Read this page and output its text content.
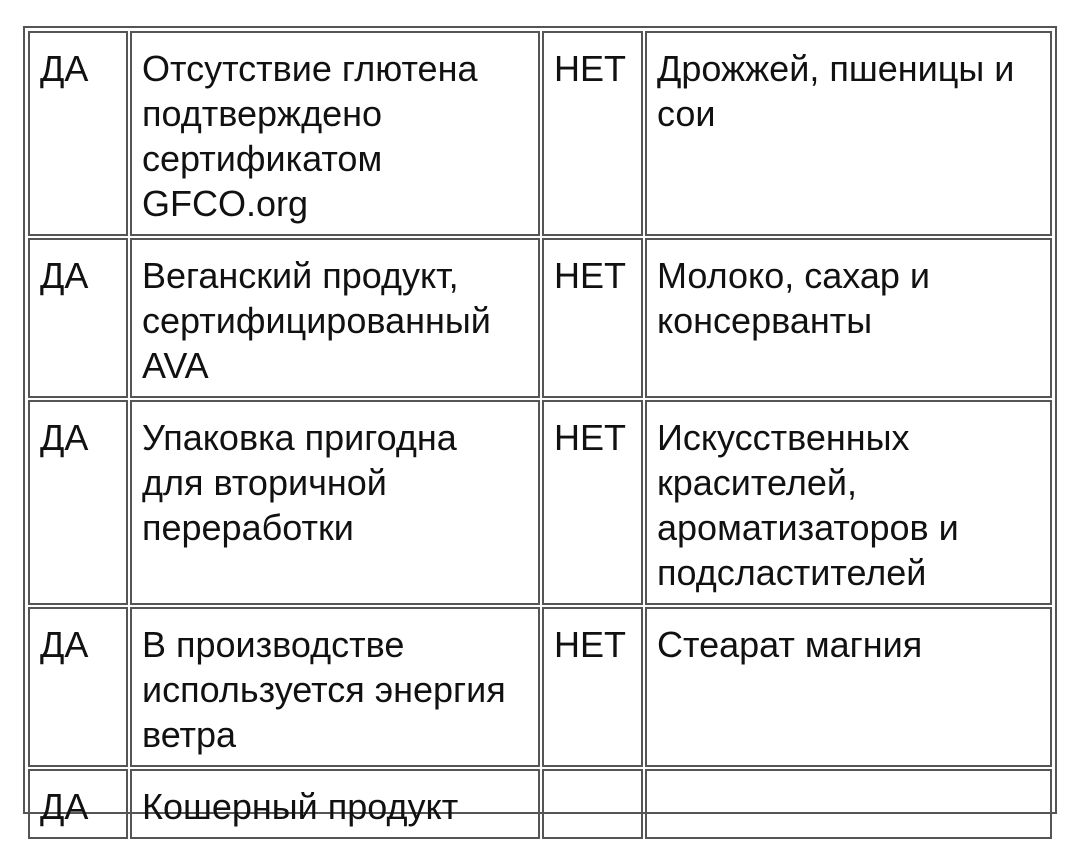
ДА	Отсутствие глютена подтверждено сертификатом GFCO.org	НЕТ	Дрожжей, пшеницы и сои

ДА	Веганский продукт, сертифицированный AVA	НЕТ	Молоко, сахар и консерванты

ДА	Упаковка пригодна для вторичной переработки	НЕТ	Искусственных красителей, ароматизаторов и подсластителей

ДА	В производстве используется энергия ветра	НЕТ	Стеарат магния

ДА	Кошерный продукт		
